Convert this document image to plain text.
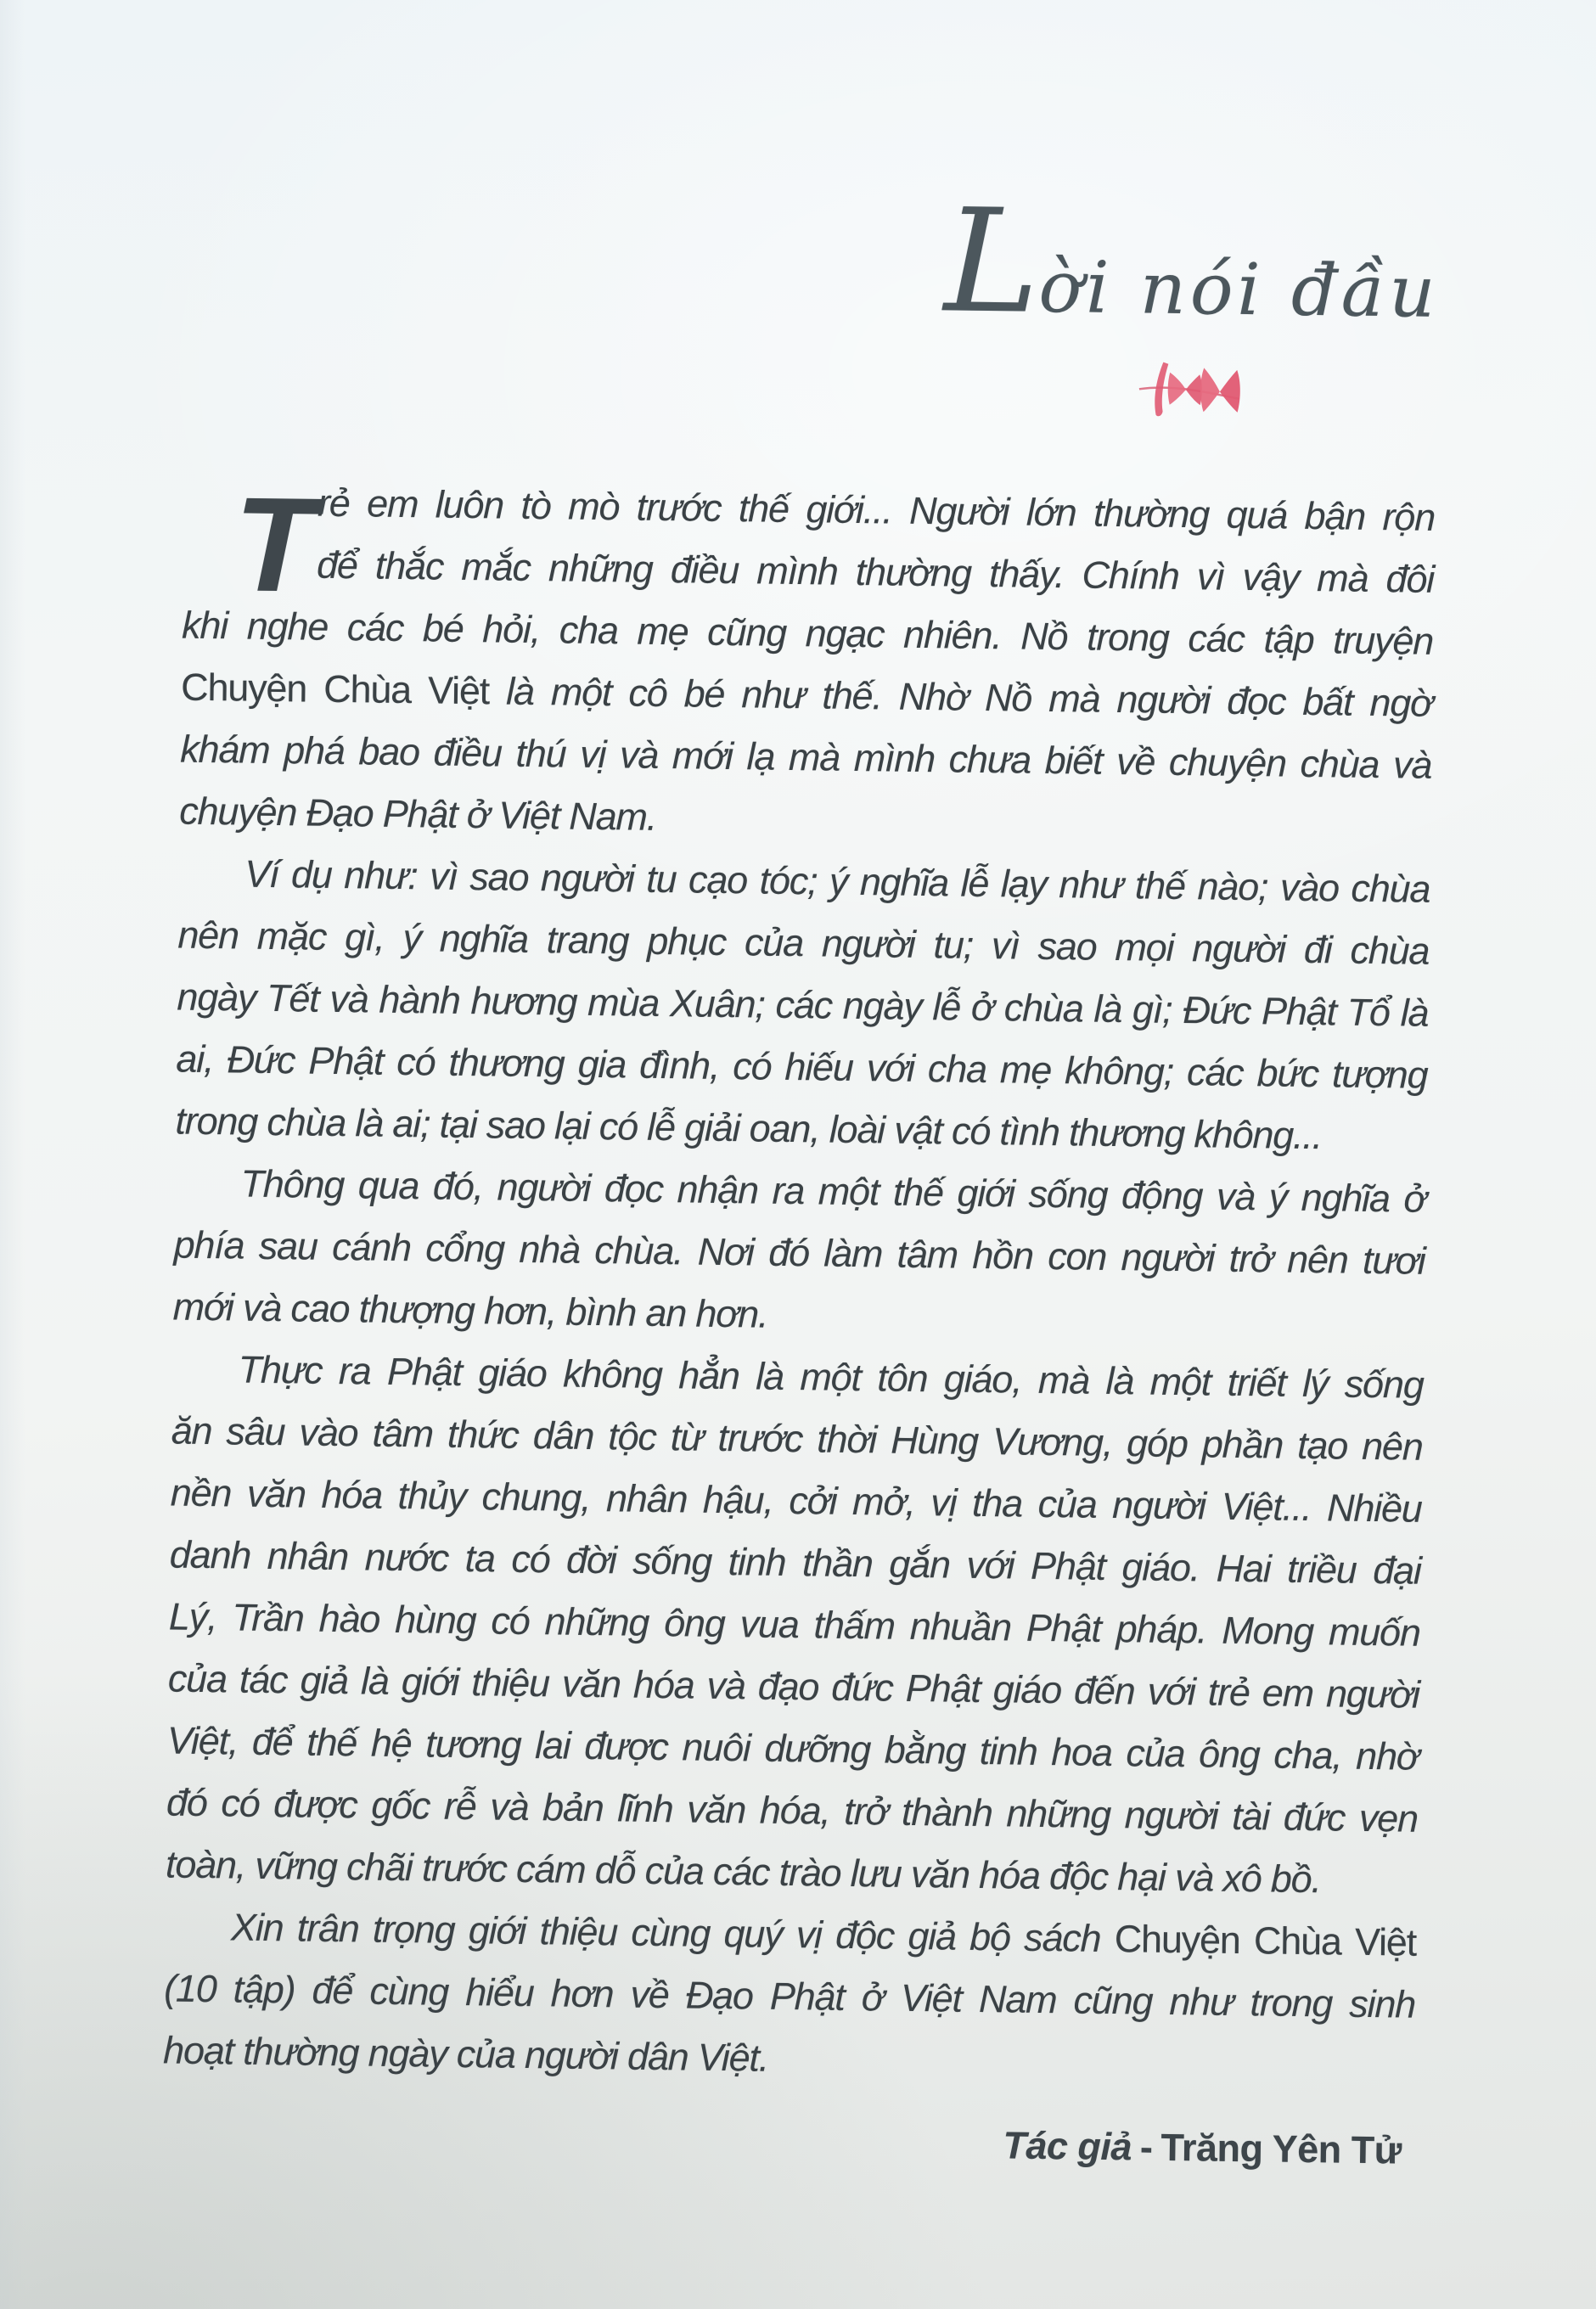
Lời nói đầu
T rẻ em luôn tò mò trước thế giới... Người lớn thường quá bận rộn
để thắc mắc những điều mình thường thấy. Chính vì vậy mà đôi
khi nghe các bé hỏi, cha mẹ cũng ngạc nhiên. Nồ trong các tập truyện
Chuyện Chùa Việt là một cô bé như thế. Nhờ Nồ mà người đọc bất ngờ
khám phá bao điều thú vị và mới lạ mà mình chưa biết về chuyện chùa và
chuyện Đạo Phật ở Việt Nam.
Ví dụ như: vì sao người tu cạo tóc; ý nghĩa lễ lạy như thế nào; vào chùa
nên mặc gì, ý nghĩa trang phục của người tu; vì sao mọi người đi chùa
ngày Tết và hành hương mùa Xuân; các ngày lễ ở chùa là gì; Đức Phật Tổ là
ai, Đức Phật có thương gia đình, có hiếu với cha mẹ không; các bức tượng
trong chùa là ai; tại sao lại có lễ giải oan, loài vật có tình thương không...
Thông qua đó, người đọc nhận ra một thế giới sống động và ý nghĩa ở
phía sau cánh cổng nhà chùa. Nơi đó làm tâm hồn con người trở nên tươi
mới và cao thượng hơn, bình an hơn.
Thực ra Phật giáo không hẳn là một tôn giáo, mà là một triết lý sống
ăn sâu vào tâm thức dân tộc từ trước thời Hùng Vương, góp phần tạo nên
nền văn hóa thủy chung, nhân hậu, cởi mở, vị tha của người Việt... Nhiều
danh nhân nước ta có đời sống tinh thần gắn với Phật giáo. Hai triều đại
Lý, Trần hào hùng có những ông vua thấm nhuần Phật pháp. Mong muốn
của tác giả là giới thiệu văn hóa và đạo đức Phật giáo đến với trẻ em người
Việt, để thế hệ tương lai được nuôi dưỡng bằng tinh hoa của ông cha, nhờ
đó có được gốc rễ và bản lĩnh văn hóa, trở thành những người tài đức vẹn
toàn, vững chãi trước cám dỗ của các trào lưu văn hóa độc hại và xô bồ.
Xin trân trọng giới thiệu cùng quý vị độc giả bộ sách Chuyện Chùa Việt
(10 tập) để cùng hiểu hơn về Đạo Phật ở Việt Nam cũng như trong sinh
hoạt thường ngày của người dân Việt.
Tác giả - Trăng Yên Tử
